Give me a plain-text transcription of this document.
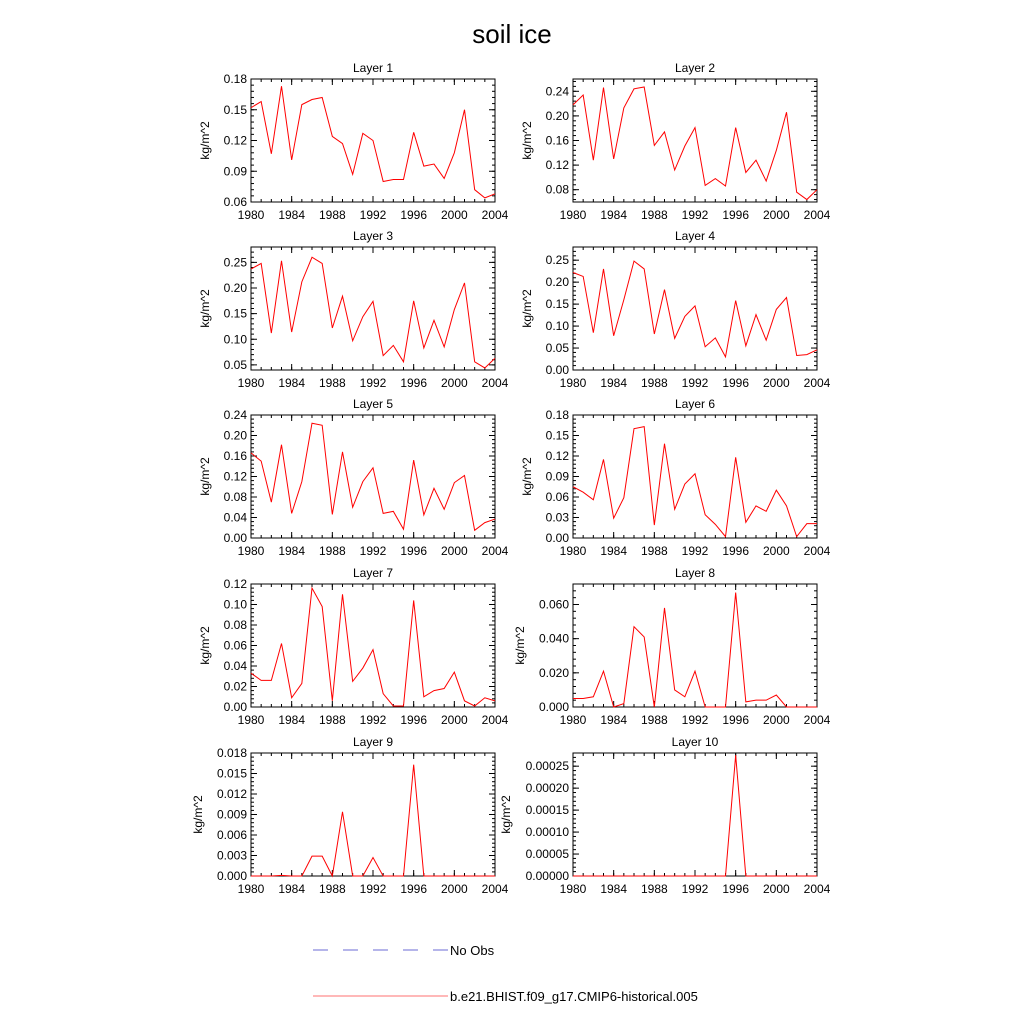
soil ice
Layer 1
1980 1984 1988 1992 1996 2000 2004
0.06
0.09
0.12
0.15
0.18
kg/m^2
Layer 2
1980 1984 1988 1992 1996 2000 2004
0.08
0.12
0.16
0.20
0.24
kg/m^2
Layer 3
1980 1984 1988 1992 1996 2000 2004
0.05
0.10
0.15
0.20
0.25
kg/m^2
Layer 4
1980 1984 1988 1992 1996 2000 2004
0.00
0.05
0.10
0.15
0.20
0.25
kg/m^2
Layer 5
1980 1984 1988 1992 1996 2000 2004
0.00
0.04
0.08
0.12
0.16
0.20
0.24
kg/m^2
Layer 6
1980 1984 1988 1992 1996 2000 2004
0.00
0.03
0.06
0.09
0.12
0.15
0.18
kg/m^2
Layer 7
1980 1984 1988 1992 1996 2000 2004
0.00
0.02
0.04
0.06
0.08
0.10
0.12
kg/m^2
Layer 8
1980 1984 1988 1992 1996 2000 2004
0.000
0.020
0.040
0.060
kg/m^2
Layer 9
1980 1984 1988 1992 1996 2000 2004
0.000
0.003
0.006
0.009
0.012
0.015
0.018
kg/m^2
Layer 10
1980 1984 1988 1992 1996 2000 2004
0.00000
0.00005
0.00010
0.00015
0.00020
0.00025
kg/m^2
No Obs
b.e21.BHIST.f09_g17.CMIP6-historical.005
